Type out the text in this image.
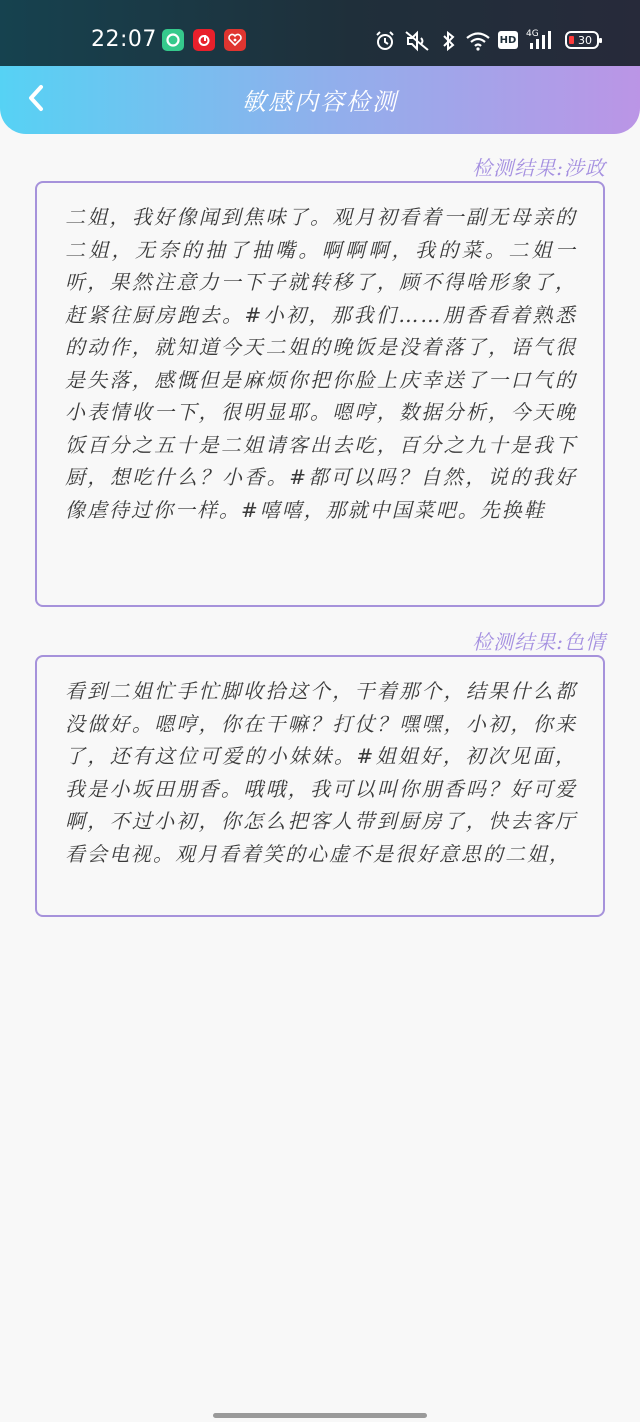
22:07	HD
4G	30
敏感内容检测
检测结果:涉政
二姐，我好像闻到焦味了。观月初看着一副无母亲的二姐，无奈的抽了抽嘴。啊啊啊，我的菜。二姐一听，果然注意力一下子就转移了，顾不得啥形象了，赶紧往厨房跑去。#小初，那我们……朋香看着熟悉的动作，就知道今天二姐的晚饭是没着落了，语气很是失落，感慨但是麻烦你把你脸上庆幸送了一口气的小表情收一下，很明显耶。嗯哼，数据分析，今天晚饭百分之五十是二姐请客出去吃，百分之九十是我下厨，想吃什么？小香。#都可以吗？自然，说的我好像虐待过你一样。#嘻嘻，那就中国菜吧。先换鞋
检测结果:色情
看到二姐忙手忙脚收拾这个，干着那个，结果什么都没做好。嗯哼，你在干嘛？打仗？嘿嘿，小初，你来了，还有这位可爱的小妹妹。#姐姐好，初次见面，我是小坂田朋香。哦哦，我可以叫你朋香吗？好可爱啊，不过小初，你怎么把客人带到厨房了，快去客厅看会电视。观月看着笑的心虚不是很好意思的二姐，
